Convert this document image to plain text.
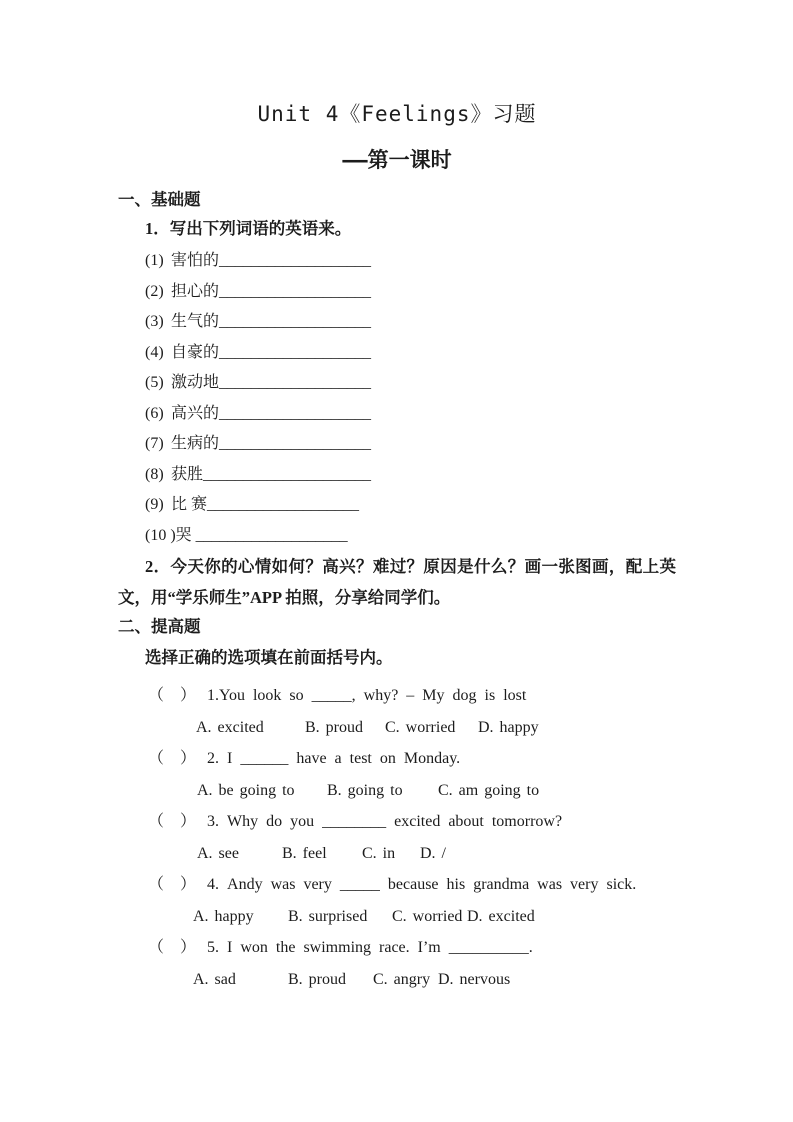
Unit 4《Feelings》习题
——第一课时
一、基础题
1．写出下列词语的英语来。
(1) 害怕的___________________
(2) 担心的___________________
(3) 生气的___________________
(4) 自豪的___________________
(5) 激动地___________________
(6) 高兴的___________________
(7) 生病的___________________
(8) 获胜_____________________
(9) 比 赛___________________
(10 )哭 ___________________
2．今天你的心情如何？高兴？难过？原因是什么？画一张图画，配上英文，用“学乐师生”APP 拍照，分享给同学们。
二、提高题
选择正确的选项填在前面括号内。
（ ） 1.You look so _____, why? – My dog is lost
A. excited	B. proud C. worried D. happy
（ ） 2. I ______ have a test on Monday.
A. be going to B. going to C. am going to
（ ） 3. Why do you ________ excited about tomorrow?
A. see	B. feel C. in D. /
（ ） 4. Andy was very _____ because his grandma was very sick.
A. happy B. surprised C. worried D. excited
（ ） 5. I won the swimming race. I’m __________.
A. sad	B. proud C. angry D. nervous
